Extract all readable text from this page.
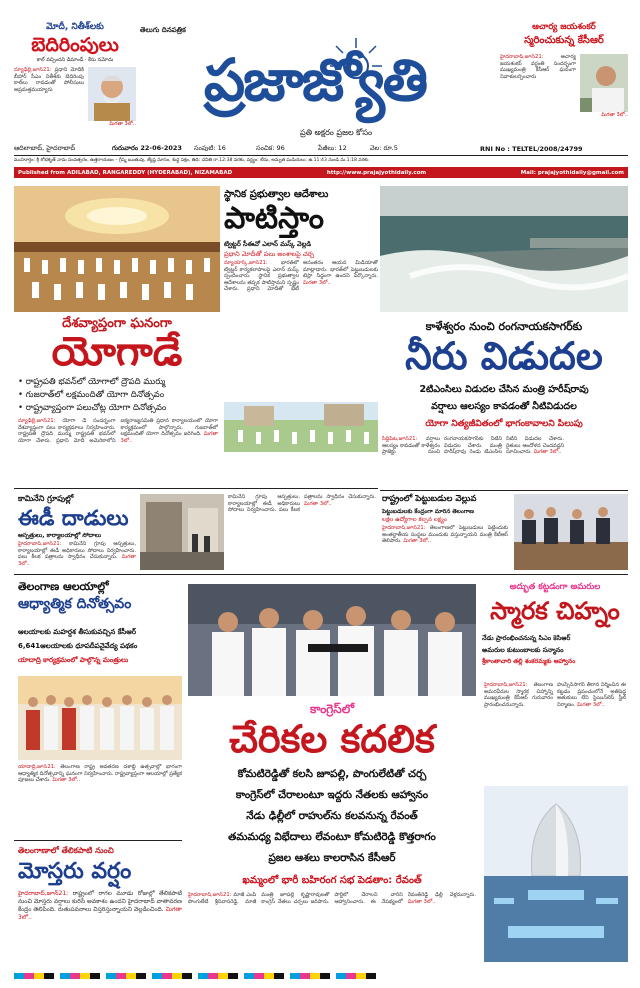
మోదీ, నితీశ్‌లకు
బెదిరింపులు
కాల్ వచ్చిందని డిమాండ్ · కేసు నమోదు
న్యూఢిల్లీ,జూన్21: ప్రధాని మోదీకి బీహార్ సీఎం నితీశ్‌కు బెదిరింపు కాల్‌లు రావడంతో పోలీసులు అప్రమత్తమయ్యారు
మిగతా 3లో..
తెలుగు దినపత్రిక
ప్రజాజ్యోతి
ప్రతి అక్షరం ప్రజల కోసం
ఆచార్య జయశంకర్
స్మరించుకున్న కేసీఆర్
హైదరాబాద్,జూన్21:	ఆచార్య జయశంకర్ వర్ధంతి సందర్భంగా ముఖ్యమంత్రి కేసీఆర్ ఘనంగా నివాళులర్పించారు
మిగతా 3లో..
ఆదిలాబాద్, హైదరాబాద్	గురువారం 22-06-2023	సంపుటి: 16	సంచిక: 96	పేజీలు: 12	వెల: రూ.5	RNI No : TELTEL/2008/24799
ముహూర్తం: శ్రీ శోభకృత్ నామ సంవత్సరం, ఉత్తరాయణం – గ్రీష్మ ఋతువు, జ్యేష్ఠ మాసం, శుద్ధ పక్షం, తిథి: చవితి రా.12:38 వరకు, వర్జ్యం: లేదు, అమృత ఘడియలు: ఉ.11:43 నుండి మ.1:18 వరకు
Published from ADILABAD, RANGAREDDY (HYDERABAD), NIZAMABAD	http://www.prajajyothidaily.com	Mail: prajajyothidaily@gmail.com
దేశవ్యాప్తంగా ఘనంగా
యోగాడే
• రాష్ట్రపతి భవన్‌లో యోగాలో ద్రౌపది ముర్ము
• గుజరాత్‌లో లక్షమందితో యోగా దినోత్సవం
• రాష్ట్రవ్యాప్తంగా పలుచోట్ల యోగా దినోత్సవం
న్యూఢిల్లీ,జూన్21: యోగా డే సందర్భంగా దేశవ్యాప్తంగా పలు కార్యక్రమాలు నిర్వహించారు. రాష్ట్రపతి ద్రౌపది ముర్ము రాష్ట్రపతి భవన్‌లో యోగా చేశారు. ప్రధాని మోదీ అమెరికాలోని ఐక్యరాజ్యసమితి ప్రధాన కార్యాలయంలో యోగా కార్యక్రమంలో పాల్గొన్నారు. గుజరాత్‌లో లక్షమందితో యోగా దినోత్సవం జరిగింది. మిగతా 3లో..
స్థానిక ప్రభుత్వాల ఆదేశాలు
పాటిస్తాం
ట్విట్టర్ సీఈవో ఎలాన్ మస్క్ వెల్లడి
ప్రధాని మోదీతో పలు అంశాలపై చర్చ
న్యూయార్క్,జూన్21:	భారత్‌లో ట్విట్టర్ కార్యకలాపాలపై ఎలాన్ మస్క్ స్పందించారు. స్థానిక ప్రభుత్వాల ఆదేశాలను తప్పక పాటిస్తామని స్పష్టం చేశారు. ప్రధాని మోదీతో భేటీ అనంతరం ఆయన మీడియాతో మాట్లాడారు. భారత్‌లో పెట్టుబడులకు టెస్లా సిద్ధంగా ఉందని పేర్కొన్నారు. మిగతా 3లో..
కాళేశ్వరం నుంచి రంగనాయకసాగర్‌కు
నీరు విడుదల
2టిఎంసిలు విడుదల చేసిన మంత్రి హరీష్‌రావు
వర్షాలు ఆలస్యం కావడంతో నీటివిడుదల
యోగా నిత్యజీవితంలో భాగంకావాలని పిలుపు
సిద్దిపేట,జూన్21: వర్షాలు ఆలస్యం కావడంతో కాళేశ్వరం ప్రాజెక్టు నుంచి రంగనాయకసాగర్‌కు నీటిని విడుదల చేశారు. మంత్రి హరీష్‌రావు రెండు టిఎంసిల నీటిని విడుదల చేశారు. రైతులు ఆందోళన చెందవద్దని సూచించారు. మిగతా 3లో..
రాష్ట్రంలో పెట్టుబడుల వెల్లువ
పెట్టుబడులకు కేంద్రంగా మారిన తెలంగాణ
లక్షల ఉద్యోగాల కల్పన లక్ష్యం
హైదరాబాద్,జూన్21: తెలంగాణలో పెట్టుబడులు పెట్టేందుకు అంతర్జాతీయ సంస్థలు ముందుకు వస్తున్నాయని మంత్రి కేటీఆర్ తెలిపారు. మిగతా 3లో..
కామినేని గ్రూపుల్లో
ఈడీ దాడులు
ఆస్పత్రులు, కార్యాలయాల్లో సోదాలు
హైదరాబాద్,జూన్21: కామినేని గ్రూపు ఆస్పత్రులు, కార్యాలయాల్లో ఈడీ అధికారులు సోదాలు నిర్వహించారు. పలు కీలక పత్రాలను స్వాధీనం చేసుకున్నారు. మిగతా 3లో..
కామినేని గ్రూపు ఆస్పత్రులు, కార్యాలయాల్లో ఈడీ అధికారులు సోదాలు నిర్వహించారు. పలు కీలక పత్రాలను స్వాధీనం చేసుకున్నారు. మిగతా 3లో..
తెలంగాణ ఆలయాల్లో
ఆధ్యాత్మిక దినోత్సవం
ఆలయాలకు మహర్దశ తీసుకువచ్చిన కేసీఆర్
6,641ఆలయాలకు ధూపదీపనైవేద్య పథకం
యాదాద్రి కార్యక్రమంలో పాల్గొన్న మంత్రులు
యాదాద్రి,జూన్21: తెలంగాణ రాష్ట్ర అవతరణ దశాబ్ది ఉత్సవాల్లో భాగంగా ఆధ్యాత్మిక దినోత్సవాన్ని ఘనంగా నిర్వహించారు. రాష్ట్రవ్యాప్తంగా ఆలయాల్లో ప్రత్యేక పూజలు చేశారు. మిగతా 3లో..
కాంగ్రెస్‌లో
చేరికల కదలిక
కోమటిరెడ్డితో కలసి జూపల్లి, పొంగులేటితో చర్చ
కాంగ్రెస్‌లో చేరాలంటూ ఇద్దరు నేతలకు ఆహ్వానం
నేడు ఢిల్లీలో రాహుల్‌ను కలవనున్న రేవంత్
తమమధ్య విభేదాలు లేవంటూ కోమటిరెడ్డి కొత్తరాగం
ప్రజల ఆశలు కాలరాసిన కేసీఆర్
ఖమ్మంలో భారీ బహిరంగ సభ పెడతాం: రేవంత్
హైదరాబాద్,జూన్21: మాజీ ఎంపీ పొంగులేటి శ్రీనివాసరెడ్డి, మాజీ మంత్రి జూపల్లి కృష్ణారావులతో కాంగ్రెస్ నేతలు చర్చలు జరిపారు. పార్టీలో చేరాలని వారిని ఆహ్వానించారు. ఈ నేపథ్యంలో రేవంత్‌రెడ్డి ఢిల్లీ వెళ్లనున్నారు. మిగతా 3లో..
అద్భుత కట్టడంగా అమరుల
స్మారక చిహ్నం
నేడు ప్రారంభించనున్న సిఎం కెసిఆర్
అమరుల కుటుంబాలకు సన్మానం
శ్రీకాంతాచారి తల్లి శంకరమ్మకు ఆహ్వానం
హైదరాబాద్,జూన్21: తెలంగాణ అమరవీరుల స్మారక చిహ్నాన్ని ముఖ్యమంత్రి కేసీఆర్ గురువారం ప్రారంభించనున్నారు. హుస్సేన్‌సాగర్ తీరాన నిర్మించిన ఈ కట్టడం ప్రపంచంలోనే అతిపెద్ద అతుకులు లేని స్టెయిన్‌లెస్ స్టీల్ నిర్మాణం. మిగతా 3లో..
తెలంగాణాలో తేలికపాటి నుంచి
మోస్తరు వర్షం
హైదరాబాద్,జూన్21: రాష్ట్రంలో రాగల మూడు రోజుల్లో తేలికపాటి నుంచి మోస్తరు వర్షాలు కురిసే అవకాశం ఉందని హైదరాబాద్ వాతావరణ కేంద్రం తెలిపింది. రుతుపవనాలు విస్తరిస్తున్నాయని వెల్లడించింది. మిగతా 3లో..
